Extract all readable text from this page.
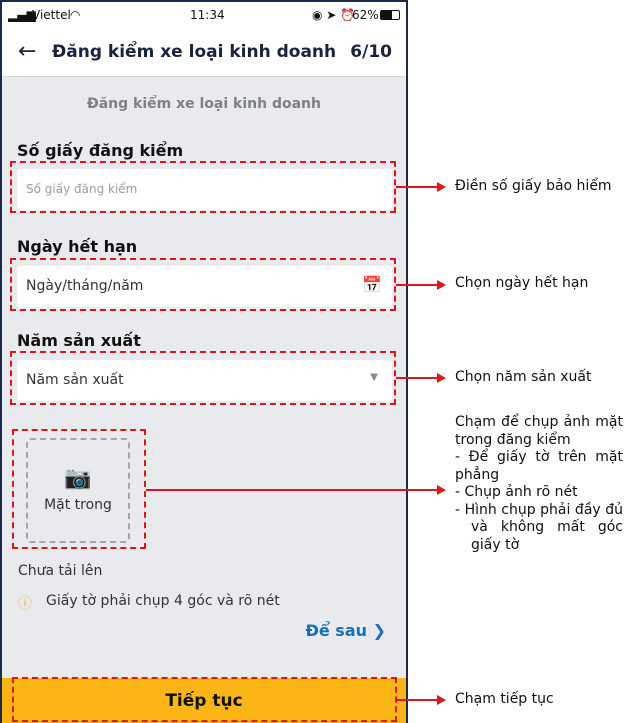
▂▄▆
Viettel ◠	11:34	◉ ➤ ⏰
62%
← Đăng kiểm xe loại kinh doanh 6/10
Đăng kiểm xe loại kinh doanh
Số giấy đăng kiểm
Số giấy đăng kiểm
Ngày hết hạn
Ngày/tháng/năm	📅
Năm sản xuất
Năm sản xuất	▼
📷
Mặt trong
Chưa tải lên
ⓘ Giấy tờ phải chụp 4 góc và rõ nét
Để sau ❯
Tiếp tục
Điền số giấy bảo hiểm
Chọn ngày hết hạn
Chọn năm sản xuất
Chạm để chụp ảnh mặt trong đăng kiểm
- Để giấy tờ trên mặt phẳng
- Chụp ảnh rõ nét
- Hình chụp phải đầy đủ và không mất góc giấy tờ
Chạm tiếp tục
